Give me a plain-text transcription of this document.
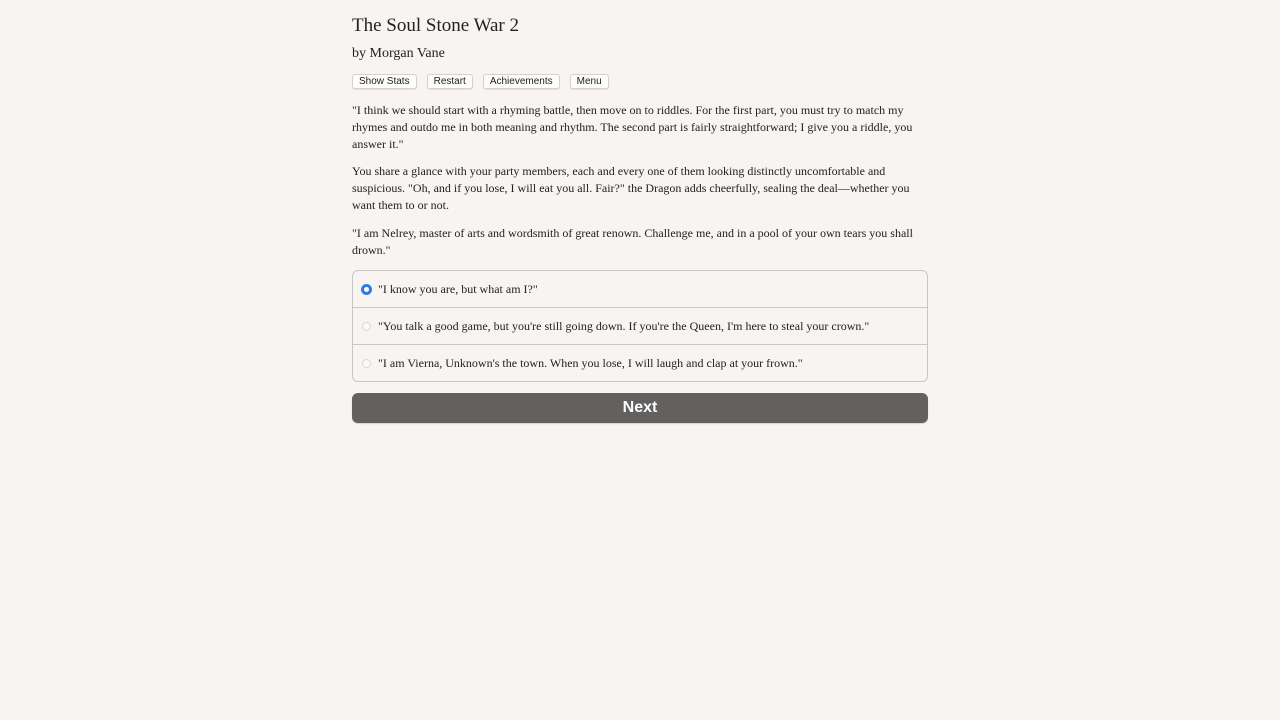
The Soul Stone War 2
by Morgan Vane
Show Stats	Restart	Achievements	Menu

"I think we should start with a rhyming battle, then move on to riddles. For the first part, you must try to match my rhymes and outdo me in both meaning and rhythm. The second part is fairly straightforward; I give you a riddle, you answer it."

You share a glance with your party members, each and every one of them looking distinctly uncomfortable and suspicious. "Oh, and if you lose, I will eat you all. Fair?" the Dragon adds cheerfully, sealing the deal—whether you want them to or not.

"I am Nelrey, master of arts and wordsmith of great renown. Challenge me, and in a pool of your own tears you shall drown."

"I know you are, but what am I?"
"You talk a good game, but you're still going down. If you're the Queen, I'm here to steal your crown."
"I am Vierna, Unknown's the town. When you lose, I will laugh and clap at your frown."
Next
